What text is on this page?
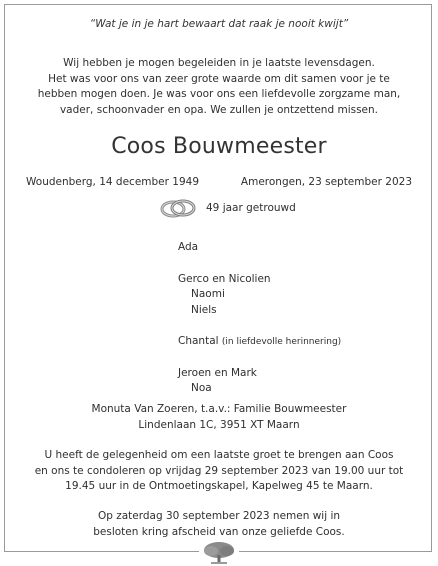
“Wat je in je hart bewaart dat raak je nooit kwijt”
Wij hebben je mogen begeleiden in je laatste levensdagen.
Het was voor ons van zeer grote waarde om dit samen voor je te
hebben mogen doen. Je was voor ons een liefdevolle zorgzame man,
vader, schoonvader en opa. We zullen je ontzettend missen.
Coos Bouwmeester
Woudenberg, 14 december 1949	Amerongen, 23 september 2023
49 jaar getrouwd
Ada
Gerco en Nicolien
Naomi
Niels
Chantal (in liefdevolle herinnering)
Jeroen en Mark
Noa
Monuta Van Zoeren, t.a.v.: Familie Bouwmeester
Lindenlaan 1C, 3951 XT Maarn
U heeft de gelegenheid om een laatste groet te brengen aan Coos
en ons te condoleren op vrijdag 29 september 2023 van 19.00 uur tot
19.45 uur in de Ontmoetingskapel, Kapelweg 45 te Maarn.
Op zaterdag 30 september 2023 nemen wij in
besloten kring afscheid van onze geliefde Coos.
